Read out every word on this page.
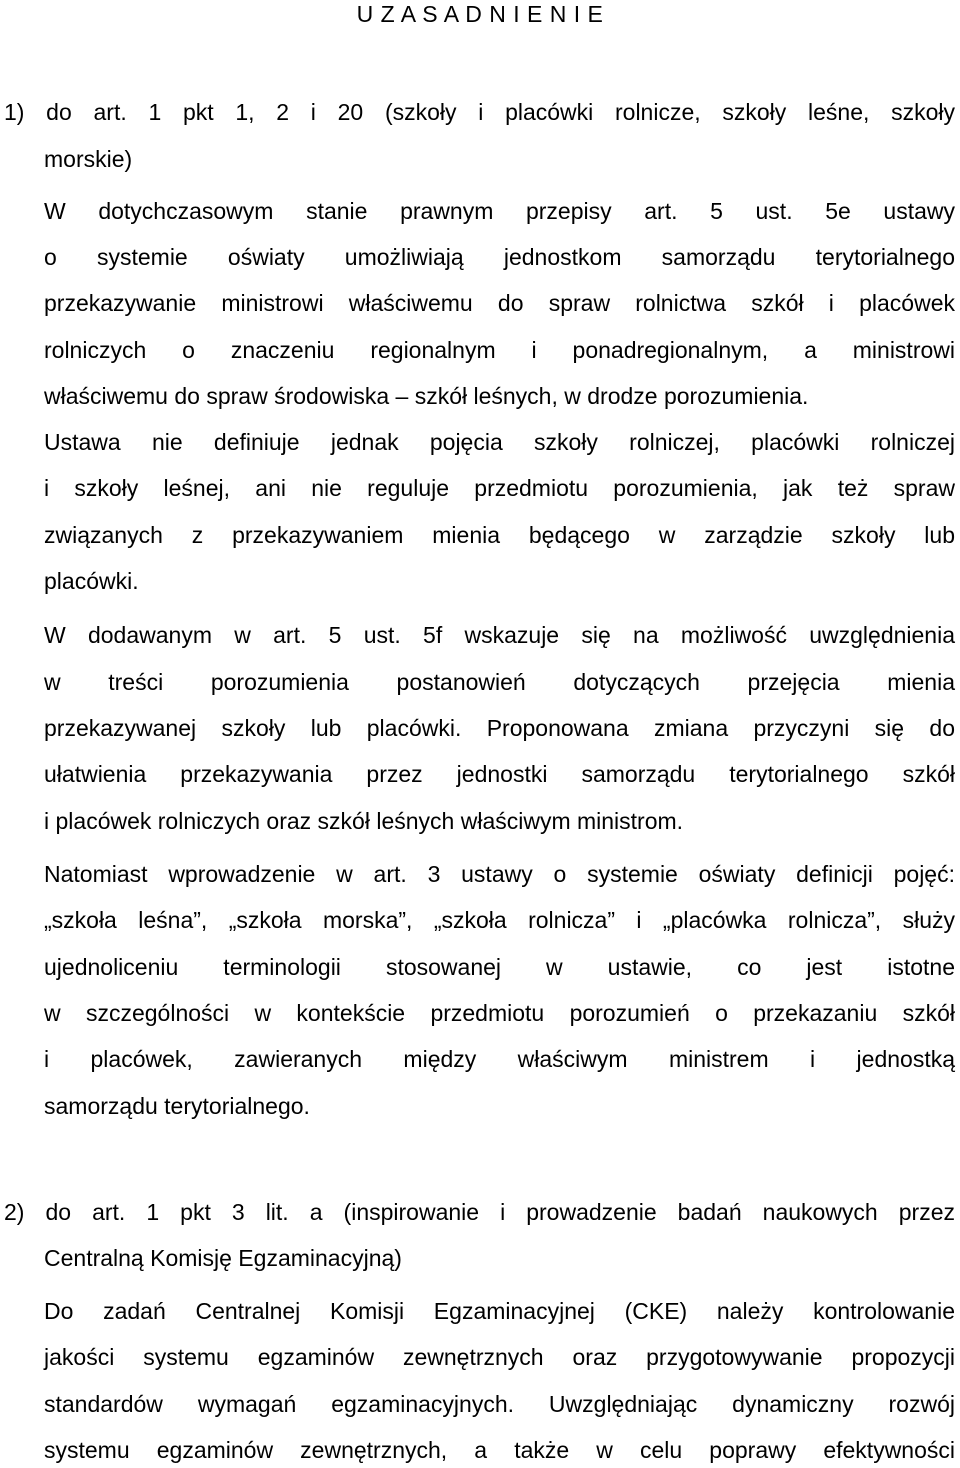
U Z A S A D N I E N I E
1) do art. 1 pkt 1, 2 i 20 (szkoły i placówki rolnicze, szkoły leśne, szkoły
morskie)
W dotychczasowym stanie prawnym przepisy art. 5 ust. 5e ustawy
o systemie oświaty umożliwiają jednostkom samorządu terytorialnego
przekazywanie ministrowi właściwemu do spraw rolnictwa szkół i placówek
rolniczych o znaczeniu regionalnym i ponadregionalnym, a ministrowi
właściwemu do spraw środowiska – szkół leśnych, w drodze porozumienia.
Ustawa nie definiuje jednak pojęcia szkoły rolniczej, placówki rolniczej
i szkoły leśnej, ani nie reguluje przedmiotu porozumienia, jak też spraw
związanych z przekazywaniem mienia będącego w zarządzie szkoły lub
placówki.
W dodawanym w art. 5 ust. 5f wskazuje się na możliwość uwzględnienia
w treści porozumienia postanowień dotyczących przejęcia mienia
przekazywanej szkoły lub placówki. Proponowana zmiana przyczyni się do
ułatwienia przekazywania przez jednostki samorządu terytorialnego szkół
i placówek rolniczych oraz szkół leśnych właściwym ministrom.
Natomiast wprowadzenie w art. 3 ustawy o systemie oświaty definicji pojęć:
„szkoła leśna”, „szkoła morska”, „szkoła rolnicza” i „placówka rolnicza”, służy
ujednoliceniu terminologii stosowanej w ustawie, co jest istotne
w szczególności w kontekście przedmiotu porozumień o przekazaniu szkół
i placówek, zawieranych między właściwym ministrem i jednostką
samorządu terytorialnego.
2) do art. 1 pkt 3 lit. a (inspirowanie i prowadzenie badań naukowych przez
Centralną Komisję Egzaminacyjną)
Do zadań Centralnej Komisji Egzaminacyjnej (CKE) należy kontrolowanie
jakości systemu egzaminów zewnętrznych oraz przygotowywanie propozycji
standardów wymagań egzaminacyjnych. Uwzględniając dynamiczny rozwój
systemu egzaminów zewnętrznych, a także w celu poprawy efektywności
